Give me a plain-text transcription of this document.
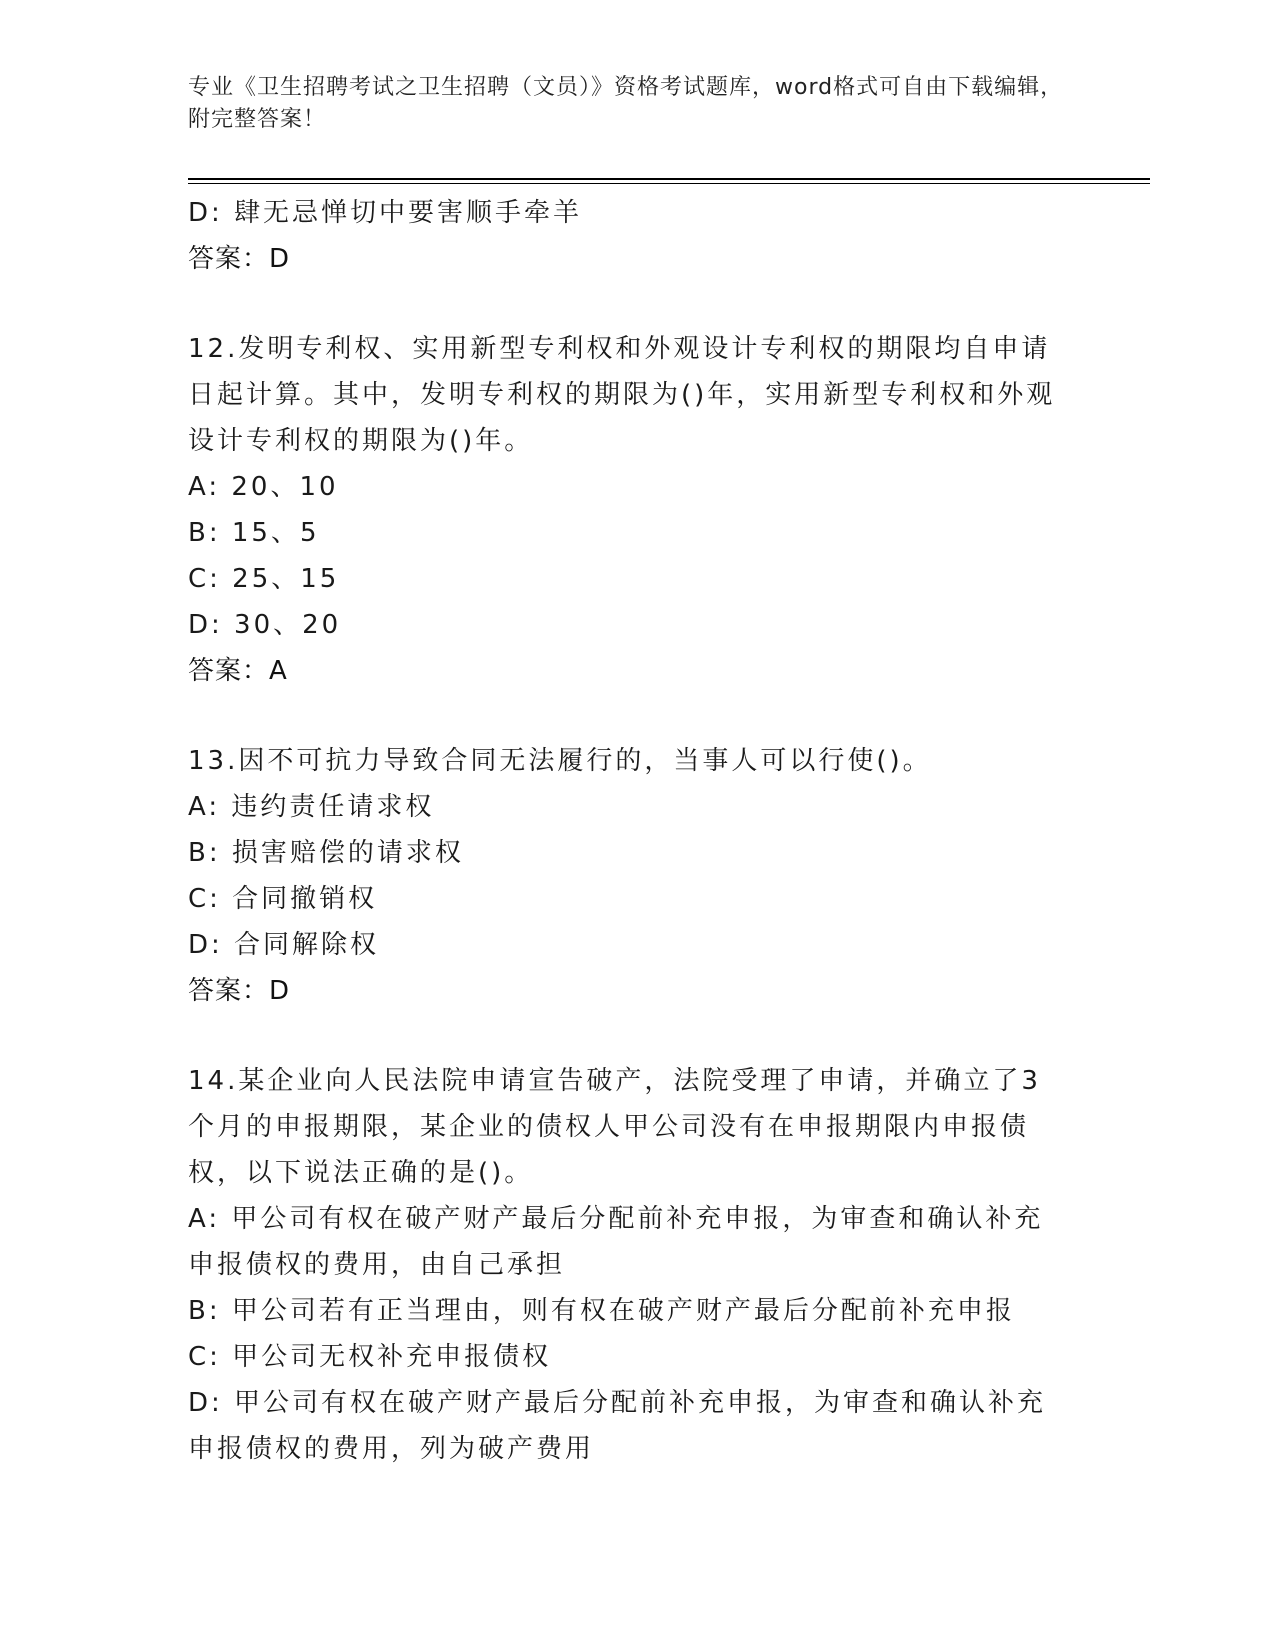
专业《卫生招聘考试之卫生招聘（文员）》资格考试题库，word格式可自由下载编辑，附完整答案！
D: 肆无忌惮切中要害顺手牵羊
答案：D
12.发明专利权、实用新型专利权和外观设计专利权的期限均自申请日起计算。其中，发明专利权的期限为()年，实用新型专利权和外观设计专利权的期限为()年。
A: 20、10
B: 15、5
C: 25、15
D: 30、20
答案：A
13.因不可抗力导致合同无法履行的，当事人可以行使()。
A: 违约责任请求权
B: 损害赔偿的请求权
C: 合同撤销权
D: 合同解除权
答案：D
14.某企业向人民法院申请宣告破产，法院受理了申请，并确立了3个月的申报期限，某企业的债权人甲公司没有在申报期限内申报债权，以下说法正确的是()。
A: 甲公司有权在破产财产最后分配前补充申报，为审查和确认补充申报债权的费用，由自己承担
B: 甲公司若有正当理由，则有权在破产财产最后分配前补充申报
C: 甲公司无权补充申报债权
D: 甲公司有权在破产财产最后分配前补充申报，为审查和确认补充申报债权的费用，列为破产费用
